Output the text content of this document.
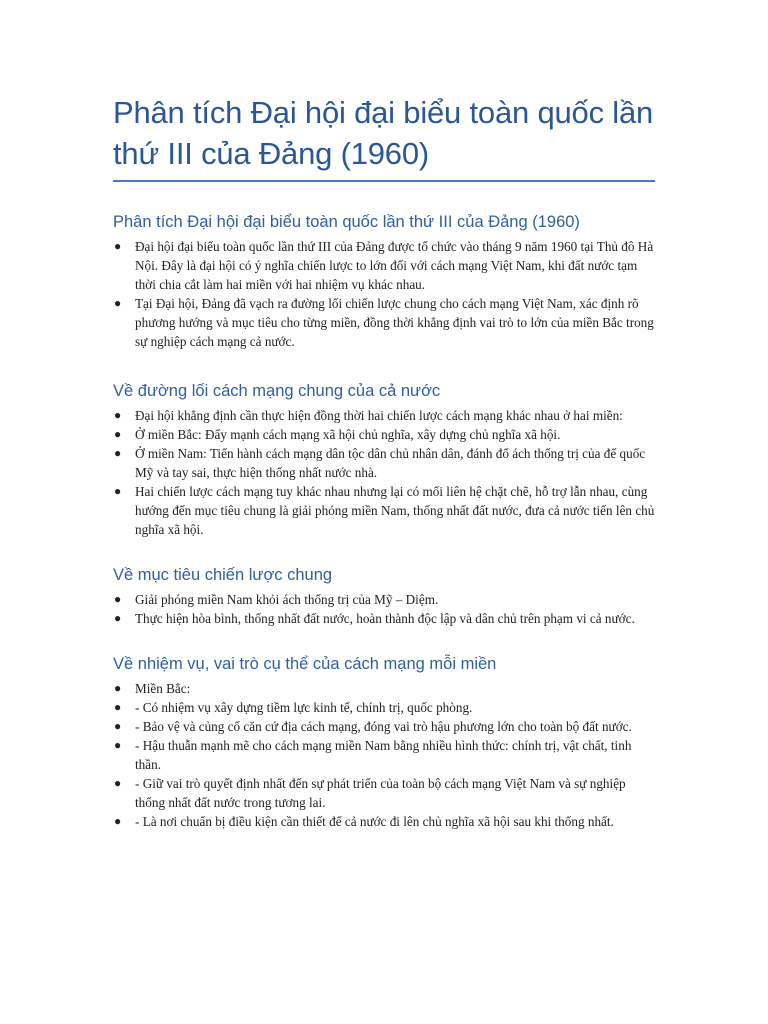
Phân tích Đại hội đại biểu toàn quốc lần thứ III của Đảng (1960)
Phân tích Đại hội đại biểu toàn quốc lần thứ III của Đảng (1960)
● Đại hội đại biểu toàn quốc lần thứ III của Đảng được tổ chức vào tháng 9 năm 1960 tại Thủ đô Hà Nội. Đây là đại hội có ý nghĩa chiến lược to lớn đối với cách mạng Việt Nam, khi đất nước tạm thời chia cắt làm hai miền với hai nhiệm vụ khác nhau.
● Tại Đại hội, Đảng đã vạch ra đường lối chiến lược chung cho cách mạng Việt Nam, xác định rõ phương hướng và mục tiêu cho từng miền, đồng thời khẳng định vai trò to lớn của miền Bắc trong sự nghiệp cách mạng cả nước.
Về đường lối cách mạng chung của cả nước
● Đại hội khẳng định cần thực hiện đồng thời hai chiến lược cách mạng khác nhau ở hai miền:
● Ở miền Bắc: Đẩy mạnh cách mạng xã hội chủ nghĩa, xây dựng chủ nghĩa xã hội.
● Ở miền Nam: Tiến hành cách mạng dân tộc dân chủ nhân dân, đánh đổ ách thống trị của đế quốc Mỹ và tay sai, thực hiện thống nhất nước nhà.
● Hai chiến lược cách mạng tuy khác nhau nhưng lại có mối liên hệ chặt chẽ, hỗ trợ lẫn nhau, cùng hướng đến mục tiêu chung là giải phóng miền Nam, thống nhất đất nước, đưa cả nước tiến lên chủ nghĩa xã hội.
Về mục tiêu chiến lược chung
● Giải phóng miền Nam khỏi ách thống trị của Mỹ – Diệm.
● Thực hiện hòa bình, thống nhất đất nước, hoàn thành độc lập và dân chủ trên phạm vi cả nước.
Về nhiệm vụ, vai trò cụ thể của cách mạng mỗi miền
● Miền Bắc:
● - Có nhiệm vụ xây dựng tiềm lực kinh tế, chính trị, quốc phòng.
● - Bảo vệ và củng cố căn cứ địa cách mạng, đóng vai trò hậu phương lớn cho toàn bộ đất nước.
● - Hậu thuẫn mạnh mẽ cho cách mạng miền Nam bằng nhiều hình thức: chính trị, vật chất, tinh thần.
● - Giữ vai trò quyết định nhất đến sự phát triển của toàn bộ cách mạng Việt Nam và sự nghiệp thống nhất đất nước trong tương lai.
● - Là nơi chuẩn bị điều kiện cần thiết để cả nước đi lên chủ nghĩa xã hội sau khi thống nhất.
